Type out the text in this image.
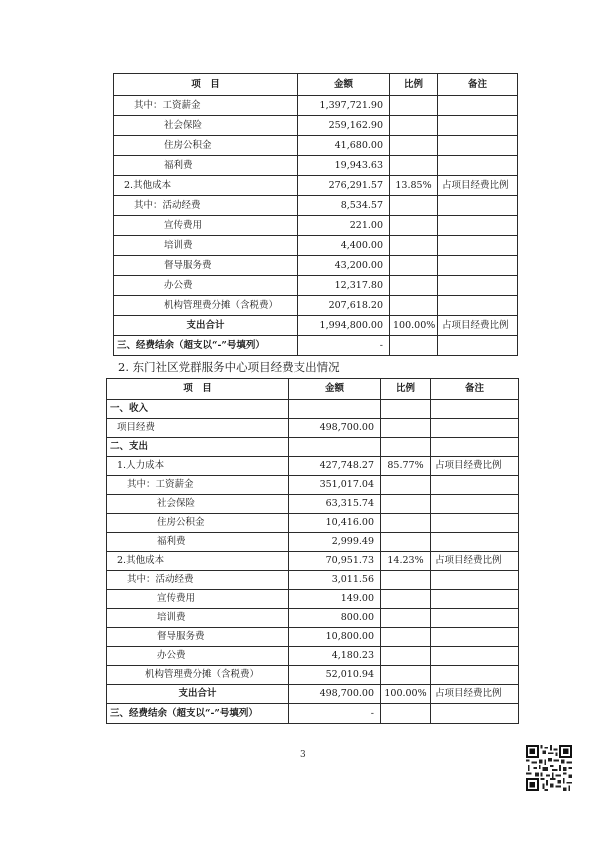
项　目	金额	比例	备注
其中：工资薪金	1,397,721.90		
社会保险	259,162.90		
住房公积金	41,680.00		
福利费	19,943.63		
2.其他成本	276,291.57	13.85%	占项目经费比例
其中：活动经费	8,534.57		
宣传费用	221.00		
培训费	4,400.00		
督导服务费	43,200.00		
办公费	12,317.80		
机构管理费分摊（含税费）	207,618.20		
支出合计	1,994,800.00	100.00%	占项目经费比例
三、经费结余（超支以“-”号填列）	-		
2. 东门社区党群服务中心项目经费支出情况
项　目	金额	比例	备注
一、收入			
项目经费	498,700.00		
二、支出			
1.人力成本	427,748.27	85.77%	占项目经费比例
其中：工资薪金	351,017.04		
社会保险	63,315.74		
住房公积金	10,416.00		
福利费	2,999.49		
2.其他成本	70,951.73	14.23%	占项目经费比例
其中：活动经费	3,011.56		
宣传费用	149.00		
培训费	800.00		
督导服务费	10,800.00		
办公费	4,180.23		
机构管理费分摊（含税费）	52,010.94		
支出合计	498,700.00	100.00%	占项目经费比例
三、经费结余（超支以“-”号填列）	-		
3
